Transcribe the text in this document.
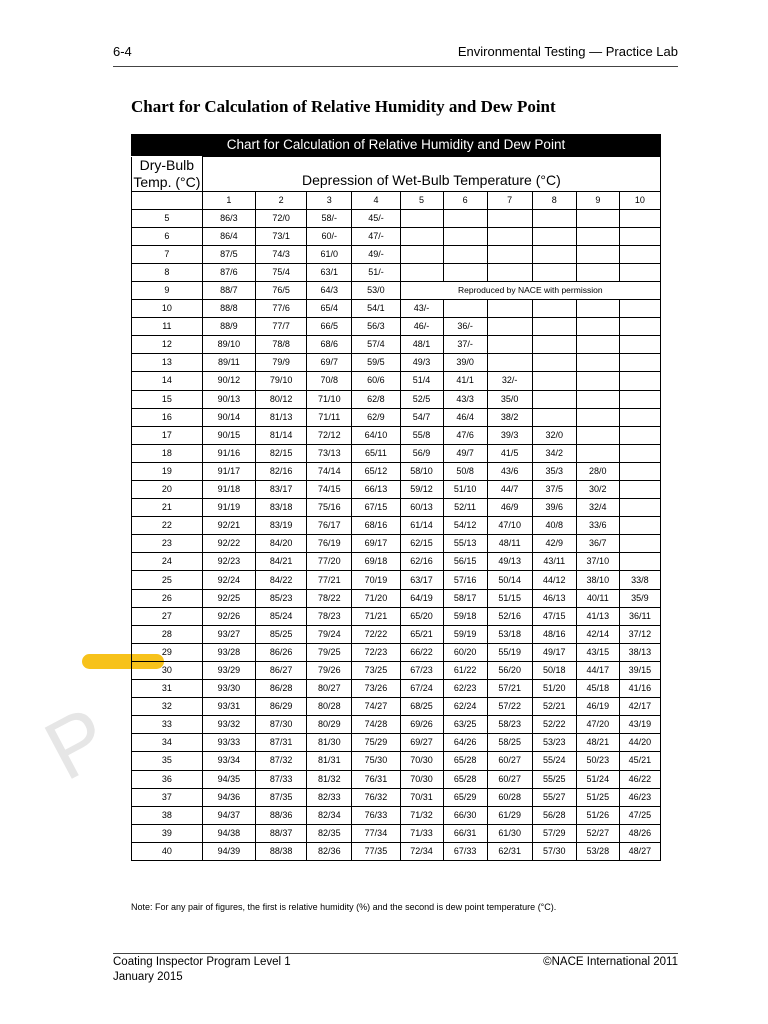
6-4	Environmental Testing — Practice Lab
Chart for Calculation of Relative Humidity and Dew Point
P
Chart for Calculation of Relative Humidity and Dew Point
Dry-Bulb Temp. (°C)	Depression of Wet-Bulb Temperature (°C)									
	1	2	3	4	5	6	7	8	9	10
5	86/3	72/0	58/-	45/-						
6	86/4	73/1	60/-	47/-						
7	87/5	74/3	61/0	49/-						
8	87/6	75/4	63/1	51/-						
9	88/7	76/5	64/3	53/0	Reproduced by NACE with permission					
10	88/8	77/6	65/4	54/1	43/-					
11	88/9	77/7	66/5	56/3	46/-	36/-				
12	89/10	78/8	68/6	57/4	48/1	37/-				
13	89/11	79/9	69/7	59/5	49/3	39/0				
14	90/12	79/10	70/8	60/6	51/4	41/1	32/-			
15	90/13	80/12	71/10	62/8	52/5	43/3	35/0			
16	90/14	81/13	71/11	62/9	54/7	46/4	38/2			
17	90/15	81/14	72/12	64/10	55/8	47/6	39/3	32/0		
18	91/16	82/15	73/13	65/11	56/9	49/7	41/5	34/2		
19	91/17	82/16	74/14	65/12	58/10	50/8	43/6	35/3	28/0	
20	91/18	83/17	74/15	66/13	59/12	51/10	44/7	37/5	30/2	
21	91/19	83/18	75/16	67/15	60/13	52/11	46/9	39/6	32/4	
22	92/21	83/19	76/17	68/16	61/14	54/12	47/10	40/8	33/6	
23	92/22	84/20	76/19	69/17	62/15	55/13	48/11	42/9	36/7	
24	92/23	84/21	77/20	69/18	62/16	56/15	49/13	43/11	37/10	
25	92/24	84/22	77/21	70/19	63/17	57/16	50/14	44/12	38/10	33/8
26	92/25	85/23	78/22	71/20	64/19	58/17	51/15	46/13	40/11	35/9
27	92/26	85/24	78/23	71/21	65/20	59/18	52/16	47/15	41/13	36/11
28	93/27	85/25	79/24	72/22	65/21	59/19	53/18	48/16	42/14	37/12
29	93/28	86/26	79/25	72/23	66/22	60/20	55/19	49/17	43/15	38/13
30	93/29	86/27	79/26	73/25	67/23	61/22	56/20	50/18	44/17	39/15
31	93/30	86/28	80/27	73/26	67/24	62/23	57/21	51/20	45/18	41/16
32	93/31	86/29	80/28	74/27	68/25	62/24	57/22	52/21	46/19	42/17
33	93/32	87/30	80/29	74/28	69/26	63/25	58/23	52/22	47/20	43/19
34	93/33	87/31	81/30	75/29	69/27	64/26	58/25	53/23	48/21	44/20
35	93/34	87/32	81/31	75/30	70/30	65/28	60/27	55/24	50/23	45/21
36	94/35	87/33	81/32	76/31	70/30	65/28	60/27	55/25	51/24	46/22
37	94/36	87/35	82/33	76/32	70/31	65/29	60/28	55/27	51/25	46/23
38	94/37	88/36	82/34	76/33	71/32	66/30	61/29	56/28	51/26	47/25
39	94/38	88/37	82/35	77/34	71/33	66/31	61/30	57/29	52/27	48/26
40	94/39	88/38	82/36	77/35	72/34	67/33	62/31	57/30	53/28	48/27
Note: For any pair of figures, the first is relative humidity (%) and the second is dew point temperature (°C).
Coating Inspector Program Level 1
January 2015
©NACE International 2011
